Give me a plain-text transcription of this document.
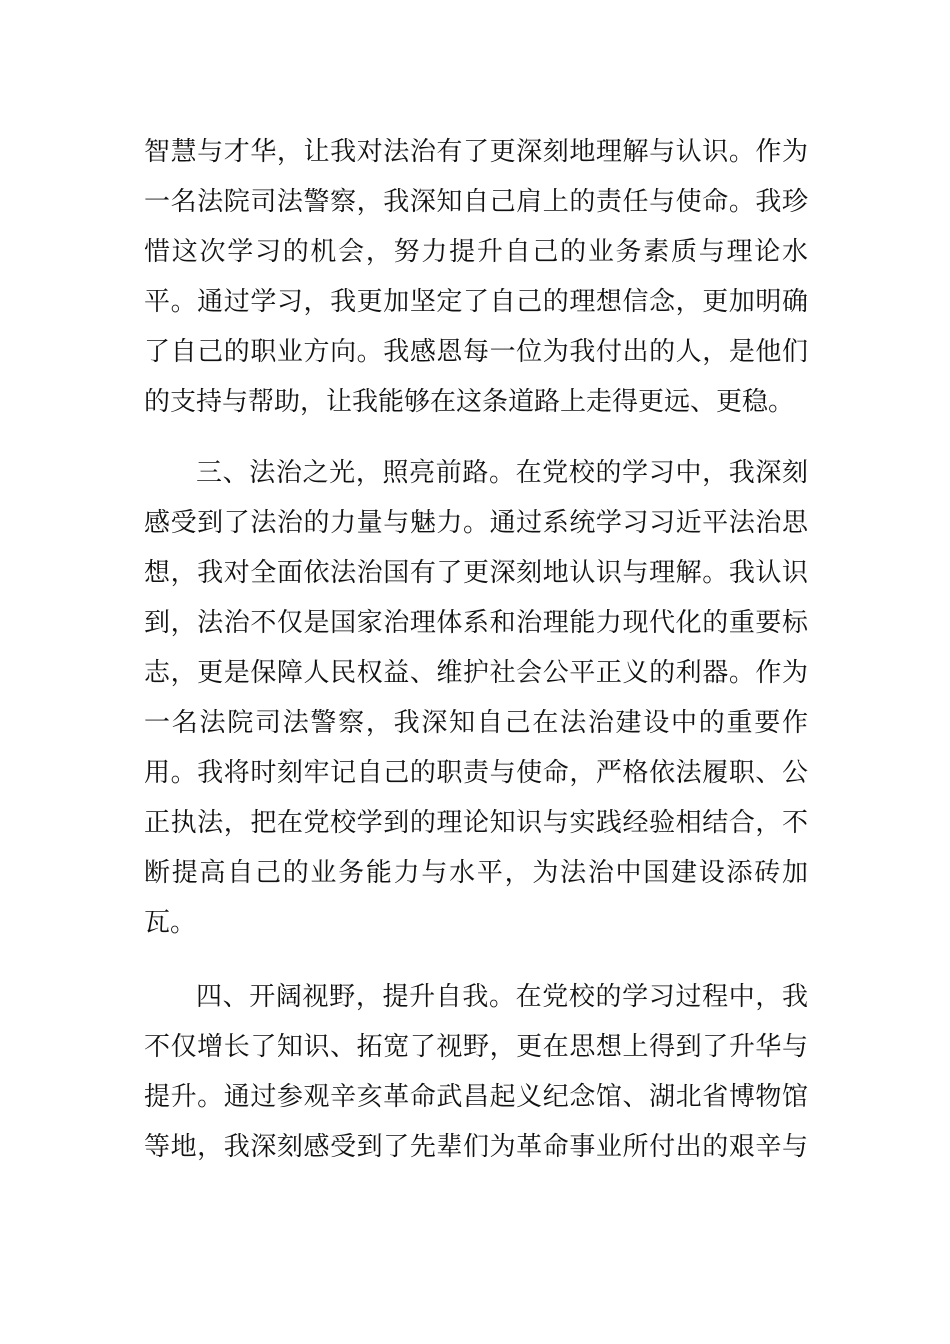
智慧与才华，让我对法治有了更深刻地理解与认识。作为
一名法院司法警察，我深知自己肩上的责任与使命。我珍
惜这次学习的机会，努力提升自己的业务素质与理论水
平。通过学习，我更加坚定了自己的理想信念，更加明确
了自己的职业方向。我感恩每一位为我付出的人，是他们
的支持与帮助，让我能够在这条道路上走得更远、更稳。
三、法治之光，照亮前路。在党校的学习中，我深刻
感受到了法治的力量与魅力。通过系统学习习近平法治思
想，我对全面依法治国有了更深刻地认识与理解。我认识
到，法治不仅是国家治理体系和治理能力现代化的重要标
志，更是保障人民权益、维护社会公平正义的利器。作为
一名法院司法警察，我深知自己在法治建设中的重要作
用。我将时刻牢记自己的职责与使命，严格依法履职、公
正执法，把在党校学到的理论知识与实践经验相结合，不
断提高自己的业务能力与水平，为法治中国建设添砖加
瓦。
四、开阔视野，提升自我。在党校的学习过程中，我
不仅增长了知识、拓宽了视野，更在思想上得到了升华与
提升。通过参观辛亥革命武昌起义纪念馆、湖北省博物馆
等地，我深刻感受到了先辈们为革命事业所付出的艰辛与
